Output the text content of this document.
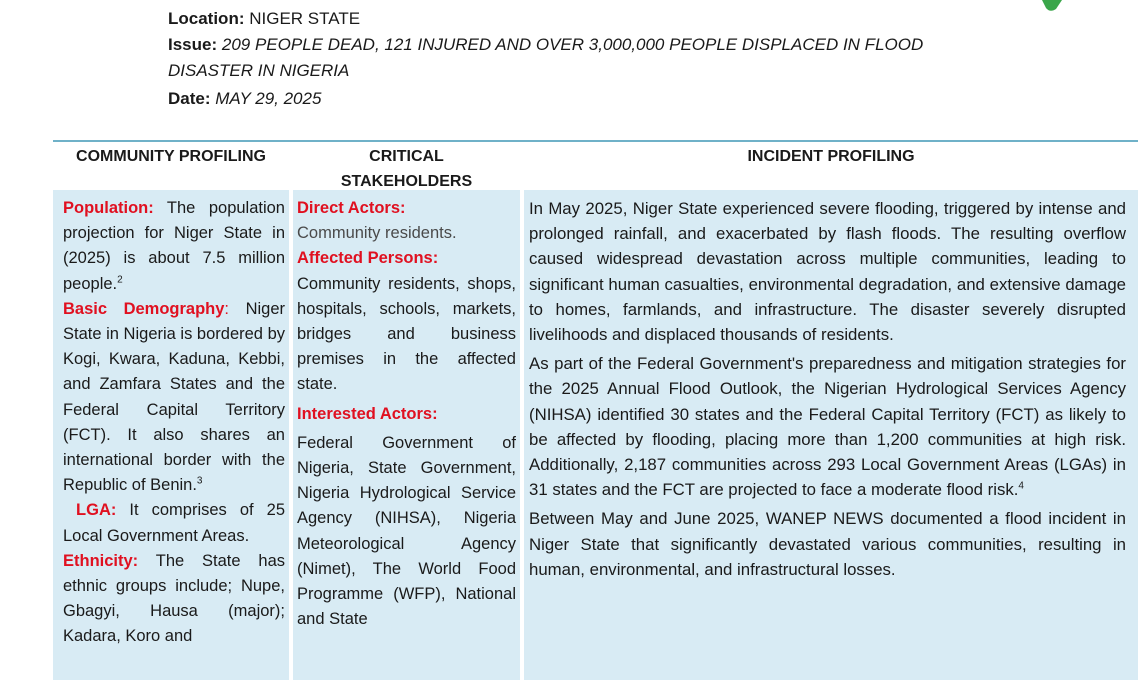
Location: NIGER STATE
Issue: 209 PEOPLE DEAD, 121 INJURED AND OVER 3,000,000 PEOPLE DISPLACED IN FLOOD
DISASTER IN NIGERIA
Date: MAY 29, 2025
COMMUNITY PROFILING	CRITICAL
STAKEHOLDERS
INCIDENT PROFILING

Population: The population projection for Niger State in (2025) is about 7.5 million people.$^2$

Basic Demography: Niger State in Nigeria is bordered by Kogi, Kwara, Kaduna, Kebbi, and Zamfara States and the Federal Capital Territory (FCT). It also shares an international border with the Republic of Benin.$^3$

LGA: It comprises of 25 Local Government Areas.

Ethnicity: The State has ethnic groups include; Nupe, Gbagyi, Hausa (major); Kadara, Koro and

Direct Actors:

Community residents.

Affected Persons:

Community residents, shops, hospitals, schools, markets, bridges and business premises in the affected state.

Interested Actors:

Federal Government of Nigeria, State Government, Nigeria Hydrological Service Agency (NIHSA), Nigeria Meteorological Agency (Nimet), The World Food Programme (WFP), National and State

In May 2025, Niger State experienced severe flooding, triggered by intense and prolonged rainfall, and exacerbated by flash floods. The resulting overflow caused widespread devastation across multiple communities, leading to significant human casualties, environmental degradation, and extensive damage to homes, farmlands, and infrastructure. The disaster severely disrupted livelihoods and displaced thousands of residents.

As part of the Federal Government's preparedness and mitigation strategies for the 2025 Annual Flood Outlook, the Nigerian Hydrological Services Agency (NIHSA) identified 30 states and the Federal Capital Territory (FCT) as likely to be affected by flooding, placing more than 1,200 communities at high risk. Additionally, 2,187 communities across 293 Local Government Areas (LGAs) in 31 states and the FCT are projected to face a moderate flood risk.$^4$

Between May and June 2025, WANEP NEWS documented a flood incident in Niger State that significantly devastated various communities, resulting in human, environmental, and infrastructural losses.
